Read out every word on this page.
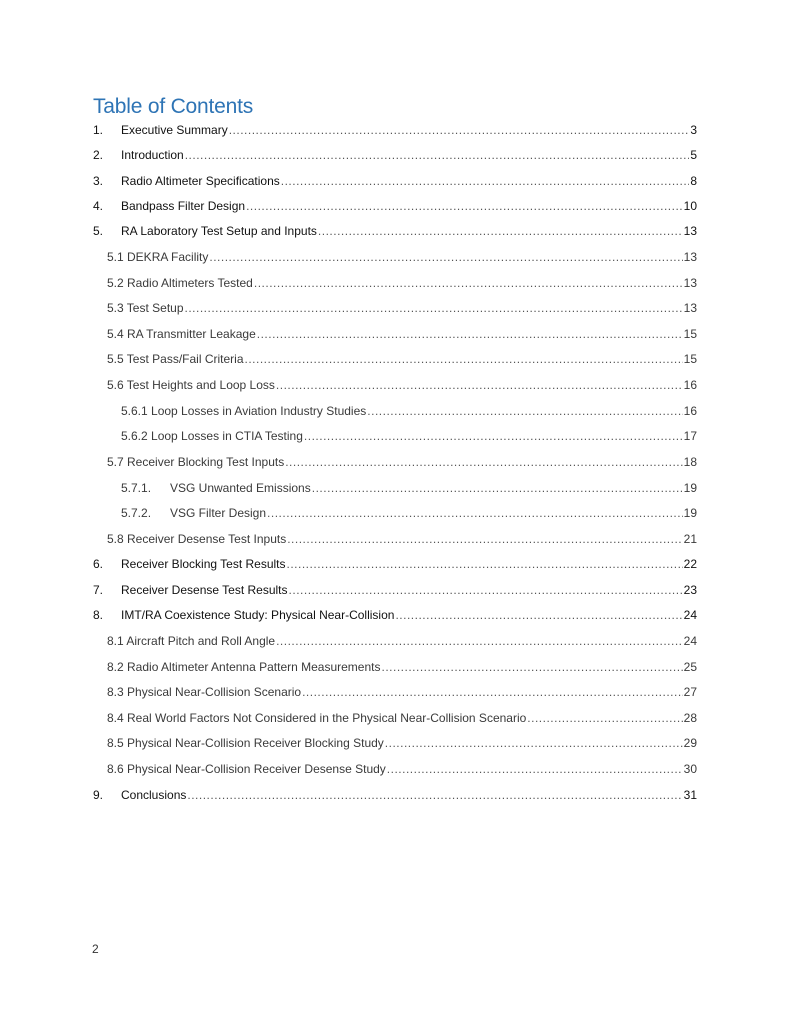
Table of Contents
1.	Executive Summary .....	3
2.	Introduction .....	5
3.	Radio Altimeter Specifications .....	8
4.	Bandpass Filter Design .....	10
5.	RA Laboratory Test Setup and Inputs .....	13
5.1 DEKRA Facility .....	13
5.2 Radio Altimeters Tested .....	13
5.3 Test Setup .....	13
5.4 RA Transmitter Leakage .....	15
5.5 Test Pass/Fail Criteria .....	15
5.6 Test Heights and Loop Loss .....	16
5.6.1 Loop Losses in Aviation Industry Studies .....	16
5.6.2 Loop Losses in CTIA Testing .....	17
5.7 Receiver Blocking Test Inputs .....	18
5.7.1.	VSG Unwanted Emissions .....	19
5.7.2.	VSG Filter Design .....	19
5.8 Receiver Desense Test Inputs .....	21
6.	Receiver Blocking Test Results .....	22
7.	Receiver Desense Test Results .....	23
8.	IMT/RA Coexistence Study: Physical Near-Collision .....	24
8.1 Aircraft Pitch and Roll Angle .....	24
8.2 Radio Altimeter Antenna Pattern Measurements .....	25
8.3 Physical Near-Collision Scenario .....	27
8.4 Real World Factors Not Considered in the Physical Near-Collision Scenario .....	28
8.5 Physical Near-Collision Receiver Blocking Study .....	29
8.6 Physical Near-Collision Receiver Desense Study .....	30
9.	Conclusions .....	31
2
